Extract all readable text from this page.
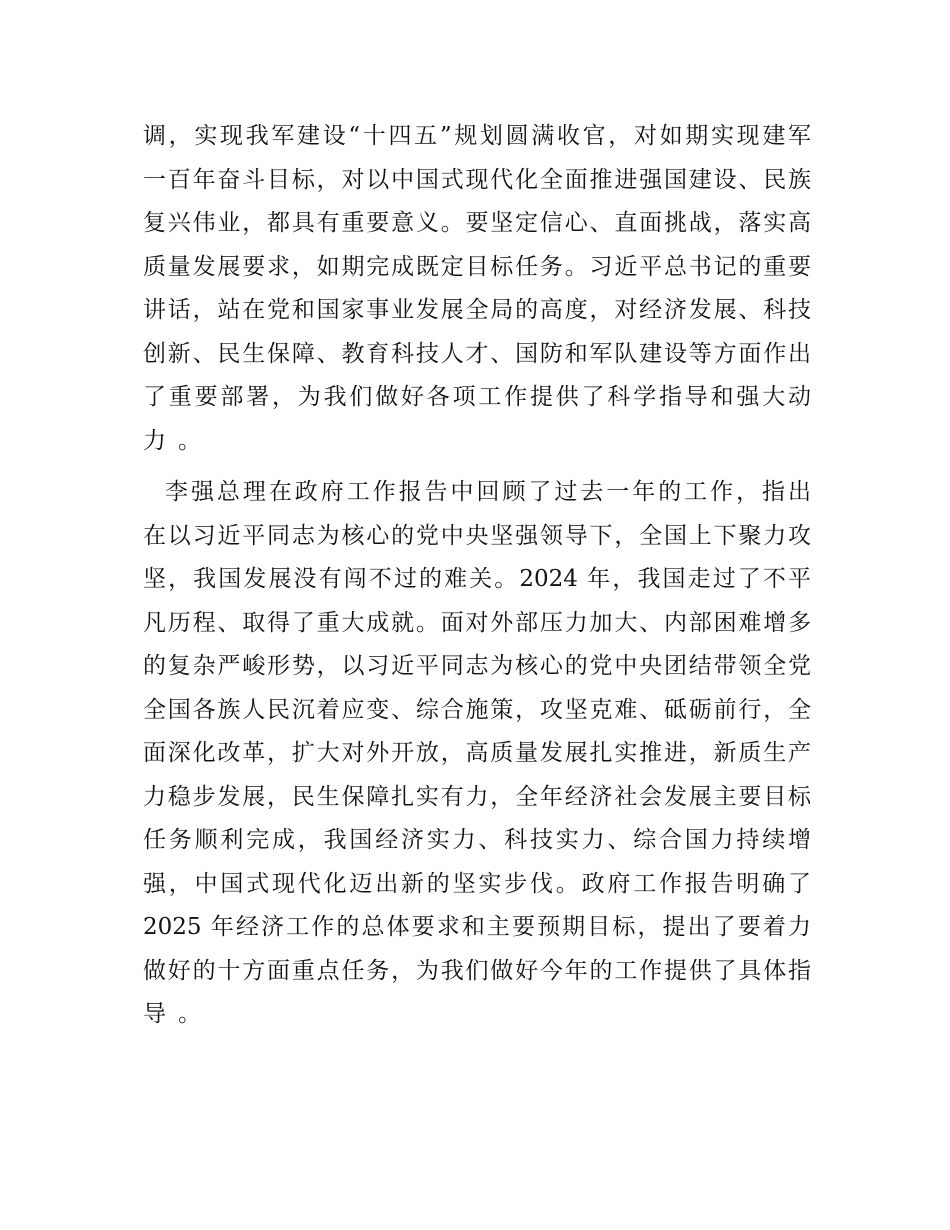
调，实现我军建设“十四五”规划圆满收官，对如期实现建军
一百年奋斗目标，对以中国式现代化全面推进强国建设、民族
复兴伟业，都具有重要意义。要坚定信心、直面挑战，落实高
质量发展要求，如期完成既定目标任务。习近平总书记的重要
讲话，站在党和国家事业发展全局的高度，对经济发展、科技
创新、民生保障、教育科技人才、国防和军队建设等方面作出
了重要部署，为我们做好各项工作提供了科学指导和强大动
力。
李强总理在政府工作报告中回顾了过去一年的工作，指出
在以习近平同志为核心的党中央坚强领导下，全国上下聚力攻
坚，我国发展没有闯不过的难关。2024 年，我国走过了不平
凡历程、取得了重大成就。面对外部压力加大、内部困难增多
的复杂严峻形势，以习近平同志为核心的党中央团结带领全党
全国各族人民沉着应变、综合施策，攻坚克难、砥砺前行，全
面深化改革，扩大对外开放，高质量发展扎实推进，新质生产
力稳步发展，民生保障扎实有力，全年经济社会发展主要目标
任务顺利完成，我国经济实力、科技实力、综合国力持续增
强，中国式现代化迈出新的坚实步伐。政府工作报告明确了
2025 年经济工作的总体要求和主要预期目标，提出了要着力
做好的十方面重点任务，为我们做好今年的工作提供了具体指
导。
